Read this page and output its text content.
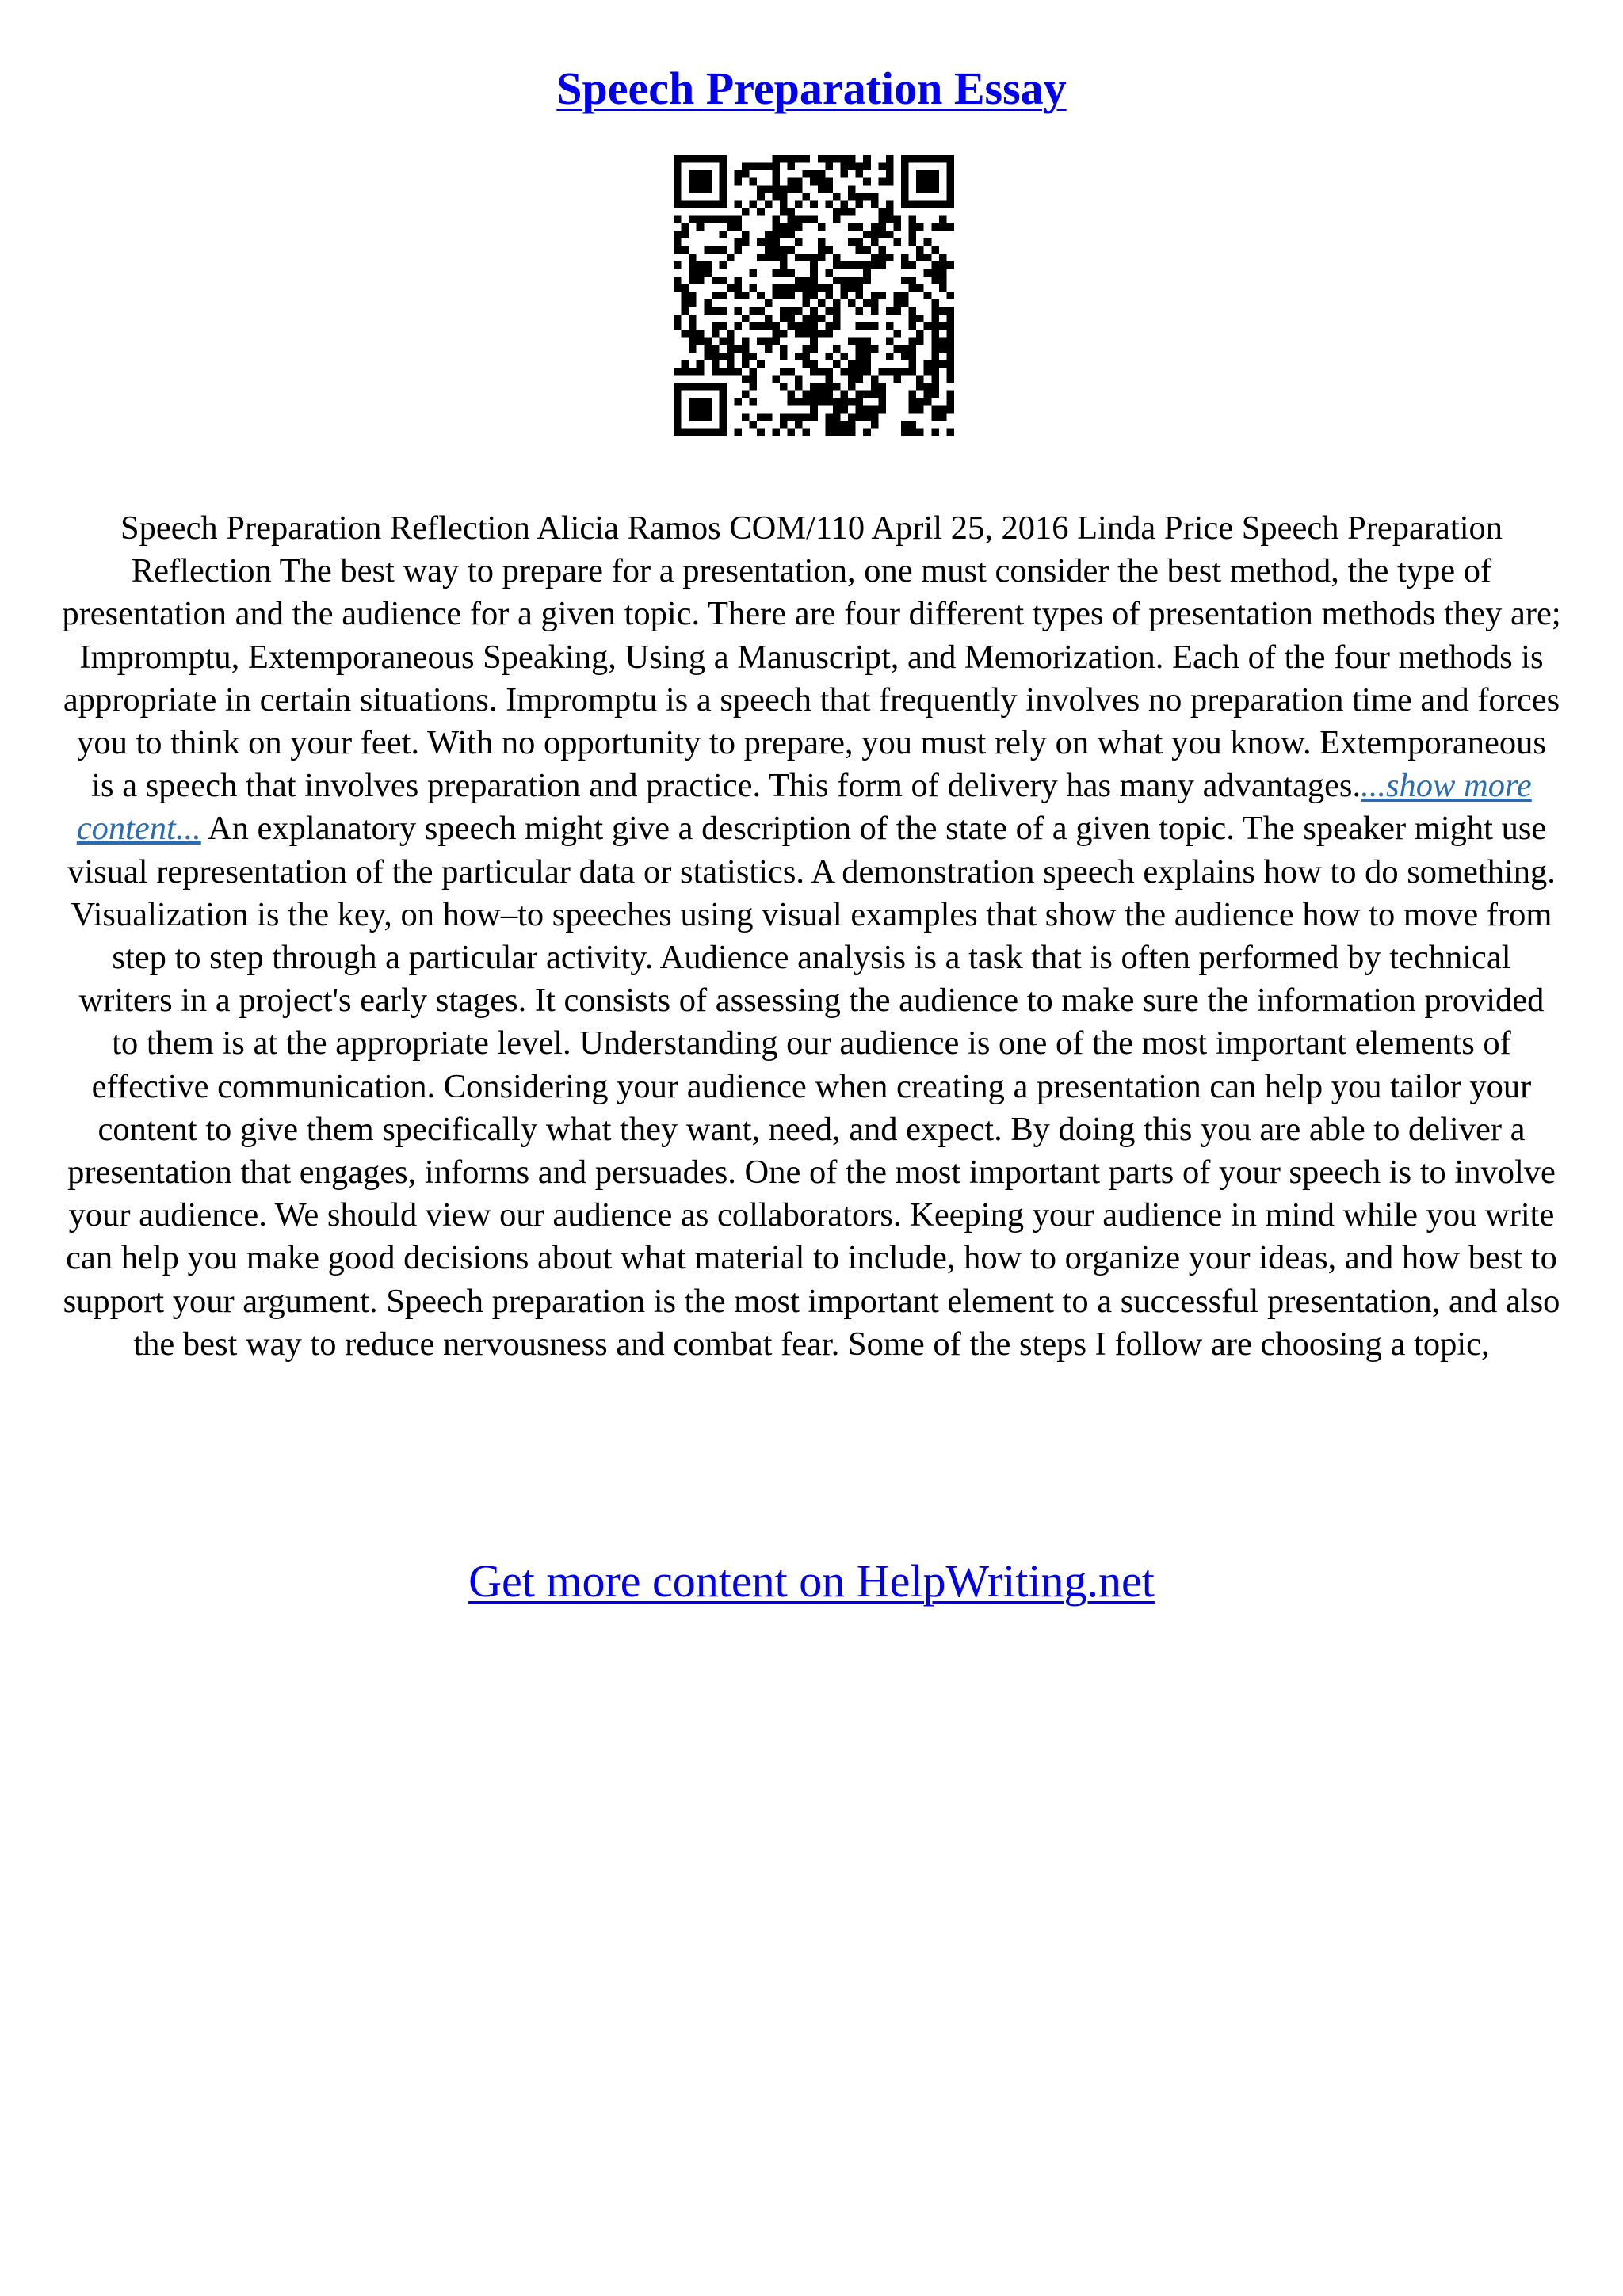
Speech Preparation Essay

Speech Preparation Reflection Alicia Ramos COM/110 April 25, 2016 Linda Price Speech Preparation Reflection The best way to prepare for a presentation, one must consider the best method, the type of presentation and the audience for a given topic. There are four different types of presentation methods they are; Impromptu, Extemporaneous Speaking, Using a Manuscript, and Memorization. Each of the four methods is appropriate in certain situations. Impromptu is a speech that frequently involves no preparation time and forces you to think on your feet. With no opportunity to prepare, you must rely on what you know. Extemporaneous is a speech that involves preparation and practice. This form of delivery has many advantages....show more content... An explanatory speech might give a description of the state of a given topic. The speaker might use visual representation of the particular data or statistics. A demonstration speech explains how to do something. Visualization is the key, on how–to speeches using visual examples that show the audience how to move from step to step through a particular activity. Audience analysis is a task that is often performed by technical writers in a project's early stages. It consists of assessing the audience to make sure the information provided to them is at the appropriate level. Understanding our audience is one of the most important elements of effective communication. Considering your audience when creating a presentation can help you tailor your content to give them specifically what they want, need, and expect. By doing this you are able to deliver a presentation that engages, informs and persuades. One of the most important parts of your speech is to involve your audience. We should view our audience as collaborators. Keeping your audience in mind while you write can help you make good decisions about what material to include, how to organize your ideas, and how best to support your argument. Speech preparation is the most important element to a successful presentation, and also the best way to reduce nervousness and combat fear. Some of the steps I follow are choosing a topic,

Get more content on HelpWriting.net
